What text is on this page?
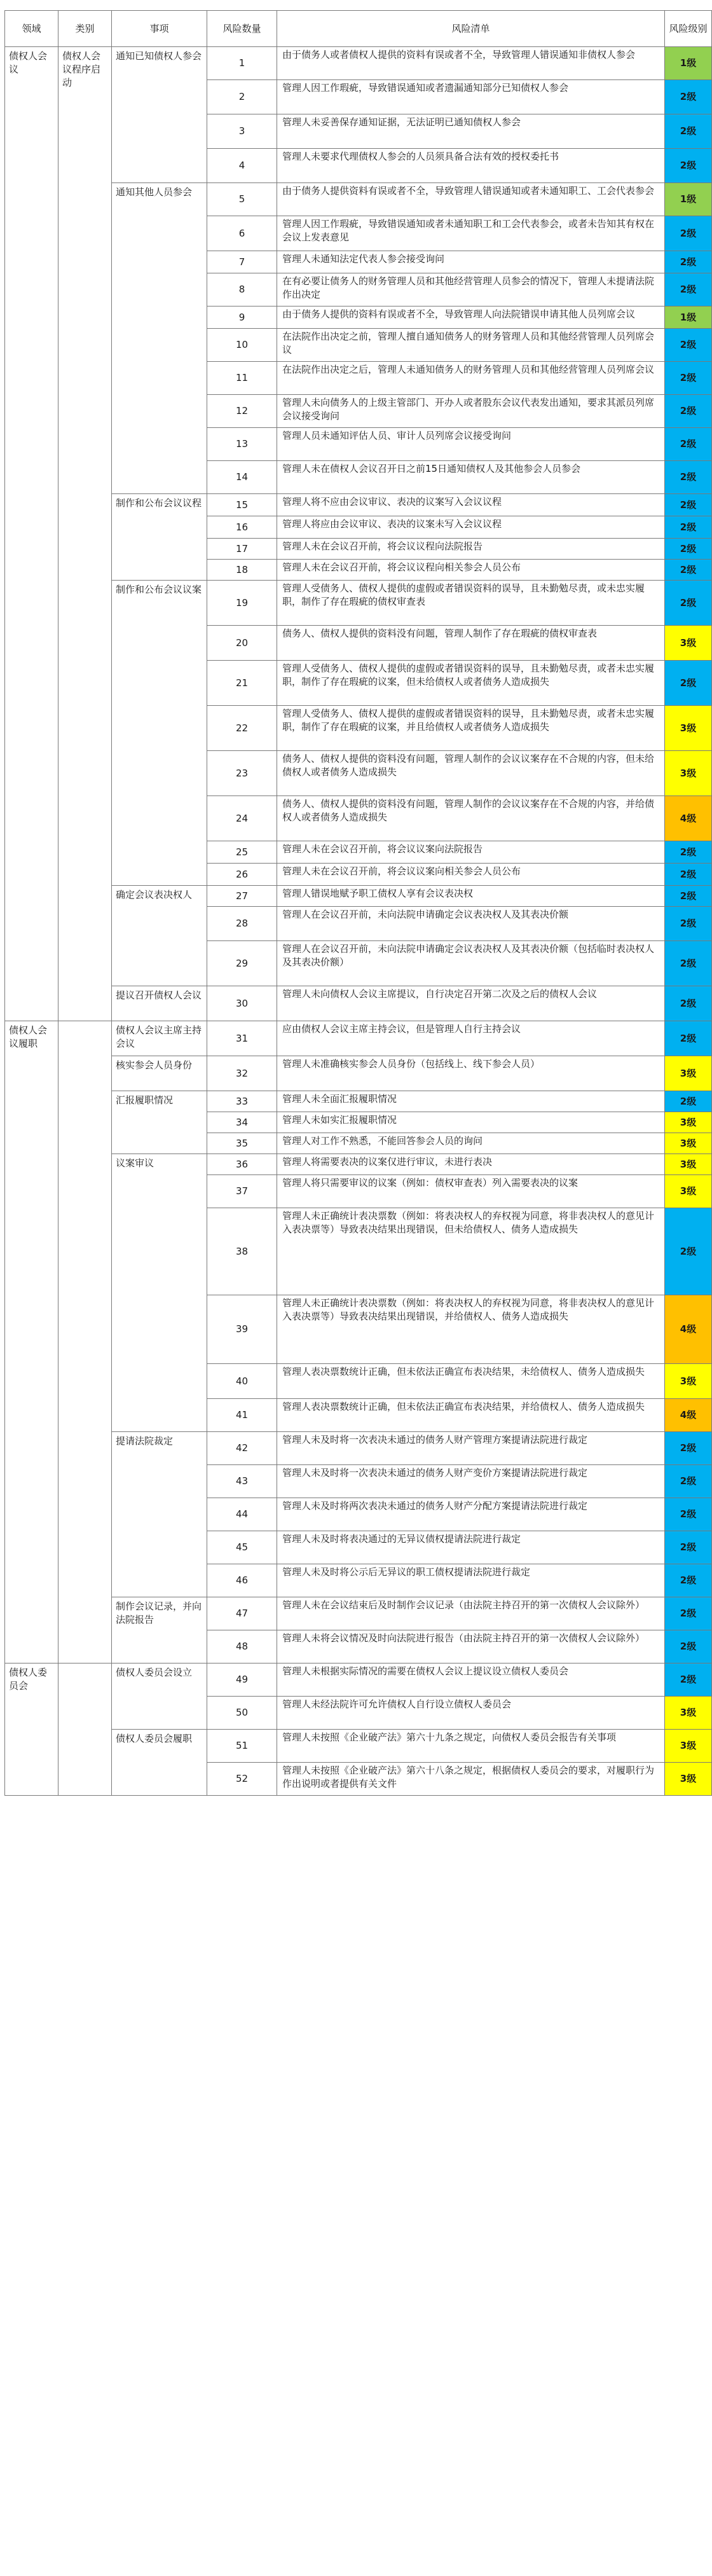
领域	类别	事项	风险数量	风险清单	风险级别
债权人会议	债权人会议程序启动	通知已知债权人参会	1	由于债务人或者债权人提供的资料有误或者不全，导致管理人错误通知非债权人参会	1级
			2	管理人因工作瑕疵，导致错误通知或者遗漏通知部分已知债权人参会	2级
			3	管理人未妥善保存通知证据，无法证明已通知债权人参会	2级
			4	管理人未要求代理债权人参会的人员须具备合法有效的授权委托书	2级
		通知其他人员参会	5	由于债务人提供资料有误或者不全，导致管理人错误通知或者未通知职工、工会代表参会	1级
			6	管理人因工作瑕疵，导致错误通知或者未通知职工和工会代表参会，或者未告知其有权在会议上发表意见	2级
			7	管理人未通知法定代表人参会接受询问	2级
			8	在有必要让债务人的财务管理人员和其他经营管理人员参会的情况下，管理人未提请法院作出决定	2级
			9	由于债务人提供的资料有误或者不全，导致管理人向法院错误申请其他人员列席会议	1级
			10	在法院作出决定之前，管理人擅自通知债务人的财务管理人员和其他经营管理人员列席会议	2级
			11	在法院作出决定之后，管理人未通知债务人的财务管理人员和其他经营管理人员列席会议	2级
			12	管理人未向债务人的上级主管部门、开办人或者股东会议代表发出通知，要求其派员列席会议接受询问	2级
			13	管理人员未通知评估人员、审计人员列席会议接受询问	2级
			14	管理人未在债权人会议召开日之前15日通知债权人及其他参会人员参会	2级
		制作和公布会议议程	15	管理人将不应由会议审议、表决的议案写入会议议程	2级
			16	管理人将应由会议审议、表决的议案未写入会议议程	2级
			17	管理人未在会议召开前，将会议议程向法院报告	2级
			18	管理人未在会议召开前，将会议议程向相关参会人员公布	2级
		制作和公布会议议案	19	管理人受债务人、债权人提供的虚假或者错误资料的误导，且未勤勉尽责，或未忠实履职，制作了存在瑕疵的债权审查表	2级
			20	债务人、债权人提供的资料没有问题，管理人制作了存在瑕疵的债权审查表	3级
			21	管理人受债务人、债权人提供的虚假或者错误资料的误导，且未勤勉尽责，或者未忠实履职，制作了存在瑕疵的议案，但未给债权人或者债务人造成损失	2级
			22	管理人受债务人、债权人提供的虚假或者错误资料的误导，且未勤勉尽责，或者未忠实履职，制作了存在瑕疵的议案，并且给债权人或者债务人造成损失	3级
			23	债务人、债权人提供的资料没有问题，管理人制作的会议议案存在不合规的内容，但未给债权人或者债务人造成损失	3级
			24	债务人、债权人提供的资料没有问题，管理人制作的会议议案存在不合规的内容，并给债权人或者债务人造成损失	4级
			25	管理人未在会议召开前，将会议议案向法院报告	2级
			26	管理人未在会议召开前，将会议议案向相关参会人员公布	2级
		确定会议表决权人	27	管理人错误地赋予职工债权人享有会议表决权	2级
			28	管理人在会议召开前，未向法院申请确定会议表决权人及其表决价额	2级
			29	管理人在会议召开前，未向法院申请确定会议表决权人及其表决价额（包括临时表决权人及其表决价额）	2级
		提议召开债权人会议	30	管理人未向债权人会议主席提议，自行决定召开第二次及之后的债权人会议	2级
债权人会议履职		债权人会议主席主持会议	31	应由债权人会议主席主持会议，但是管理人自行主持会议	2级
		核实参会人员身份	32	管理人未准确核实参会人员身份（包括线上、线下参会人员）	3级
		汇报履职情况	33	管理人未全面汇报履职情况	2级
			34	管理人未如实汇报履职情况	3级
			35	管理人对工作不熟悉，不能回答参会人员的询问	3级
		议案审议	36	管理人将需要表决的议案仅进行审议，未进行表决	3级
			37	管理人将只需要审议的议案（例如：债权审查表）列入需要表决的议案	3级
			38	管理人未正确统计表决票数（例如：将表决权人的弃权视为同意，将非表决权人的意见计入表决票等）导致表决结果出现错误，但未给债权人、债务人造成损失	2级
			39	管理人未正确统计表决票数（例如：将表决权人的弃权视为同意，将非表决权人的意见计入表决票等）导致表决结果出现错误，并给债权人、债务人造成损失	4级
			40	管理人表决票数统计正确，但未依法正确宣布表决结果，未给债权人、债务人造成损失	3级
			41	管理人表决票数统计正确，但未依法正确宣布表决结果，并给债权人、债务人造成损失	4级
		提请法院裁定	42	管理人未及时将一次表决未通过的债务人财产管理方案提请法院进行裁定	2级
			43	管理人未及时将一次表决未通过的债务人财产变价方案提请法院进行裁定	2级
			44	管理人未及时将两次表决未通过的债务人财产分配方案提请法院进行裁定	2级
			45	管理人未及时将表决通过的无异议债权提请法院进行裁定	2级
			46	管理人未及时将公示后无异议的职工债权提请法院进行裁定	2级
		制作会议记录，并向法院报告	47	管理人未在会议结束后及时制作会议记录（由法院主持召开的第一次债权人会议除外）	2级
			48	管理人未将会议情况及时向法院进行报告（由法院主持召开的第一次债权人会议除外）	2级
债权人委员会		债权人委员会设立	49	管理人未根据实际情况的需要在债权人会议上提议设立债权人委员会	2级
			50	管理人未经法院许可允许债权人自行设立债权人委员会	3级
		债权人委员会履职	51	管理人未按照《企业破产法》第六十九条之规定，向债权人委员会报告有关事项	3级
			52	管理人未按照《企业破产法》第六十八条之规定，根据债权人委员会的要求，对履职行为作出说明或者提供有关文件	3级
